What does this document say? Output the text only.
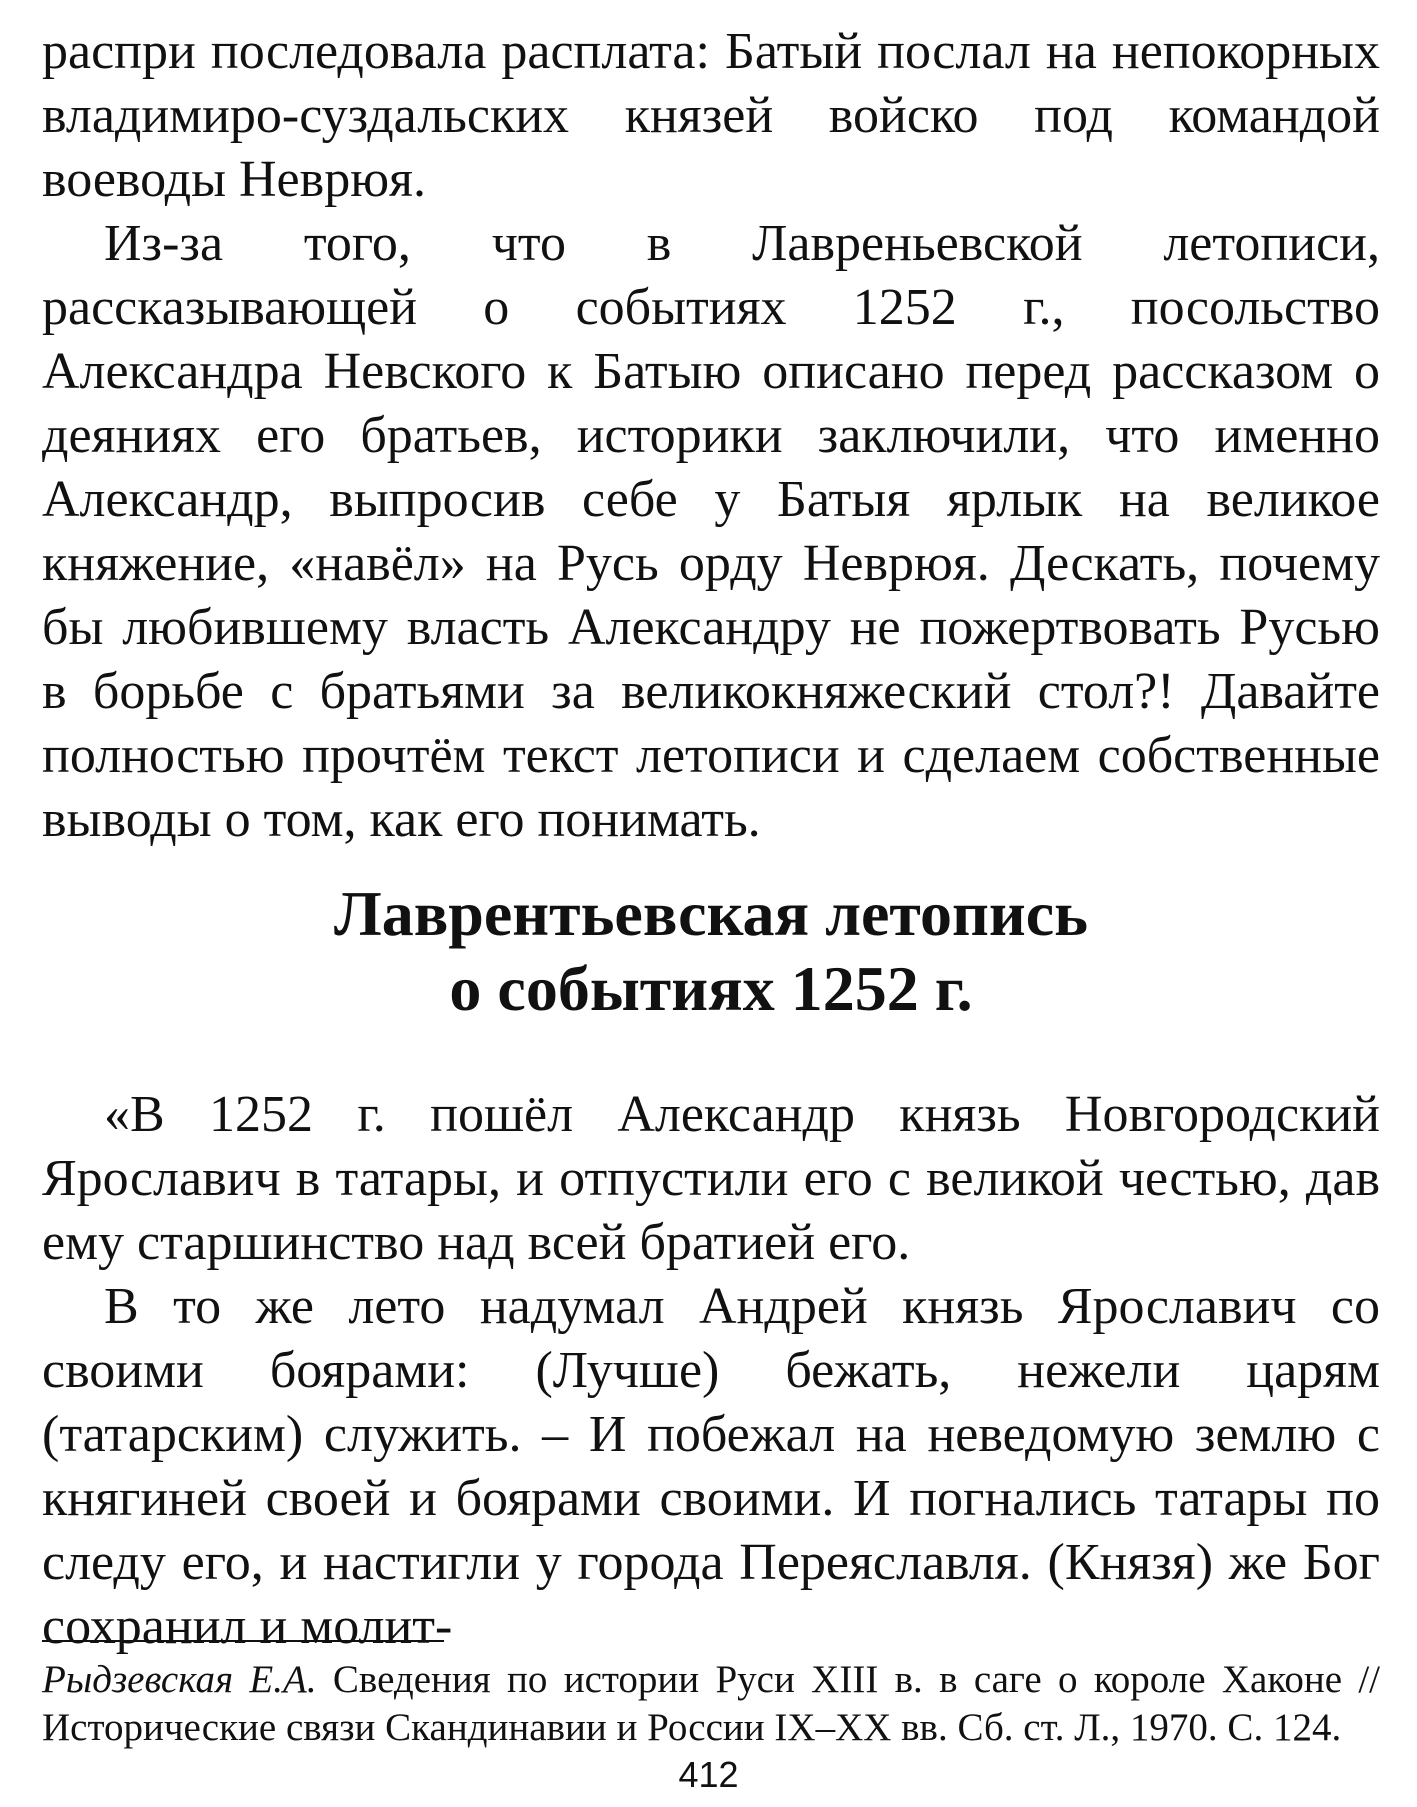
распри последовала расплата: Батый послал на непокорных владимиро-суздальских князей войско под командой воеводы Неврюя.

Из-за того, что в Лавреньевской летописи, рассказывающей о событиях 1252 г., посольство Александра Невского к Батыю описано перед рассказом о деяниях его братьев, историки заключили, что именно Александр, выпросив себе у Батыя ярлык на великое княжение, «навёл» на Русь орду Неврюя. Дескать, почему бы любившему власть Александру не пожертвовать Русью в борьбе с братьями за великокняжеский стол?! Давайте полностью прочтём текст летописи и сделаем собственные выводы о том, как его понимать.

Лаврентьевская летопись
о событиях 1252 г.

«В 1252 г. пошёл Александр князь Новгородский Ярославич в татары, и отпустили его с великой честью, дав ему старшинство над всей братией его.

В то же лето надумал Андрей князь Ярославич со своими боярами: (Лучше) бежать, нежели царям (татарским) служить. – И побежал на неведомую землю с княгиней своей и боярами своими. И погнались татары по следу его, и настигли у города Переяславля. (Князя) же Бог сохранил и молит-

Рыдзевская Е.А. Сведения по истории Руси XIII в. в саге о короле Хаконе // Исторические связи Скандинавии и России IX–XX вв. Сб. ст. Л., 1970. С. 124.

412
